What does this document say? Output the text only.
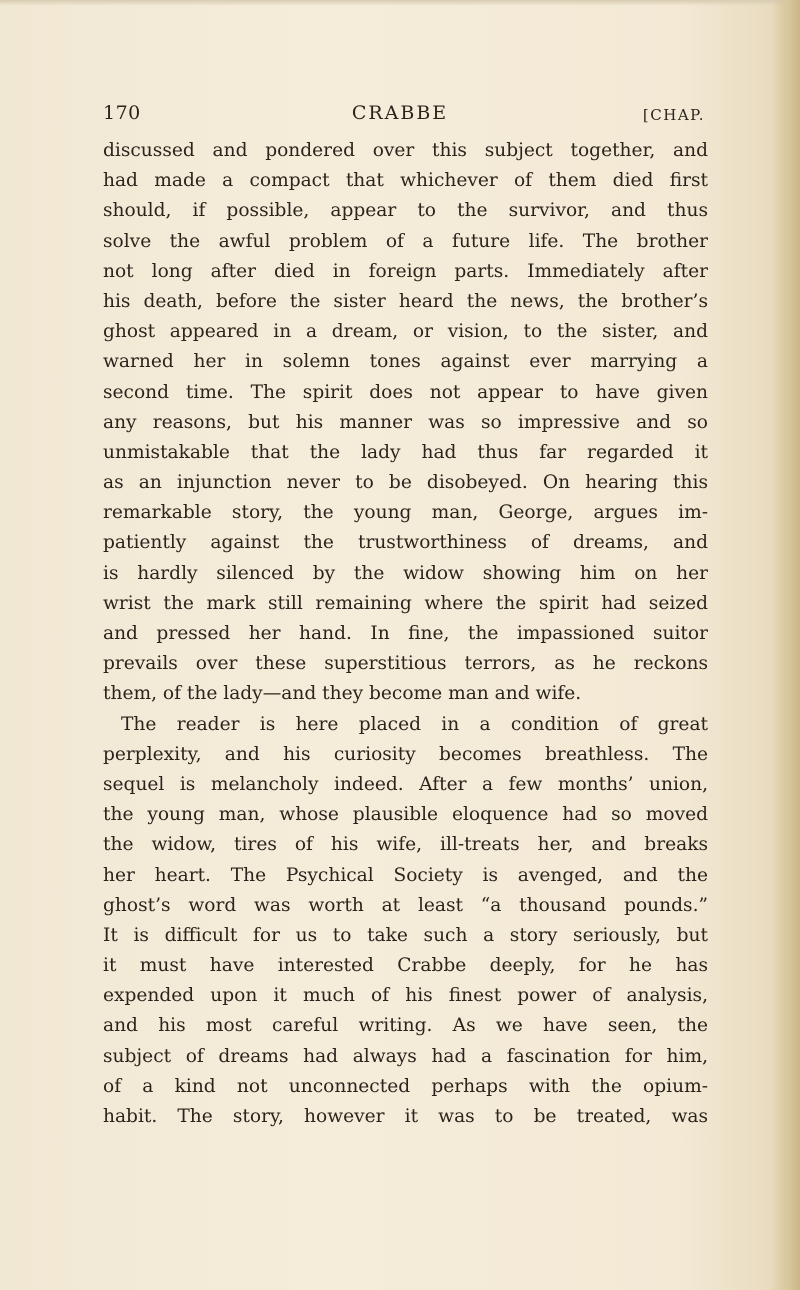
170	CRABBE	[CHAP.
discussed and pondered over this subject together, and
had made a compact that whichever of them died first
should, if possible, appear to the survivor, and thus
solve the awful problem of a future life. The brother
not long after died in foreign parts. Immediately after
his death, before the sister heard the news, the brother’s
ghost appeared in a dream, or vision, to the sister, and
warned her in solemn tones against ever marrying a
second time. The spirit does not appear to have given
any reasons, but his manner was so impressive and so
unmistakable that the lady had thus far regarded it
as an injunction never to be disobeyed. On hearing this
remarkable story, the young man, George, argues im-
patiently against the trustworthiness of dreams, and
is hardly silenced by the widow showing him on her
wrist the mark still remaining where the spirit had seized
and pressed her hand. In fine, the impassioned suitor
prevails over these superstitious terrors, as he reckons
them, of the lady—and they become man and wife.
The reader is here placed in a condition of great
perplexity, and his curiosity becomes breathless. The
sequel is melancholy indeed. After a few months’ union,
the young man, whose plausible eloquence had so moved
the widow, tires of his wife, ill-treats her, and breaks
her heart. The Psychical Society is avenged, and the
ghost’s word was worth at least “a thousand pounds.”
It is difficult for us to take such a story seriously, but
it must have interested Crabbe deeply, for he has
expended upon it much of his finest power of analysis,
and his most careful writing. As we have seen, the
subject of dreams had always had a fascination for him,
of a kind not unconnected perhaps with the opium-
habit. The story, however it was to be treated, was
